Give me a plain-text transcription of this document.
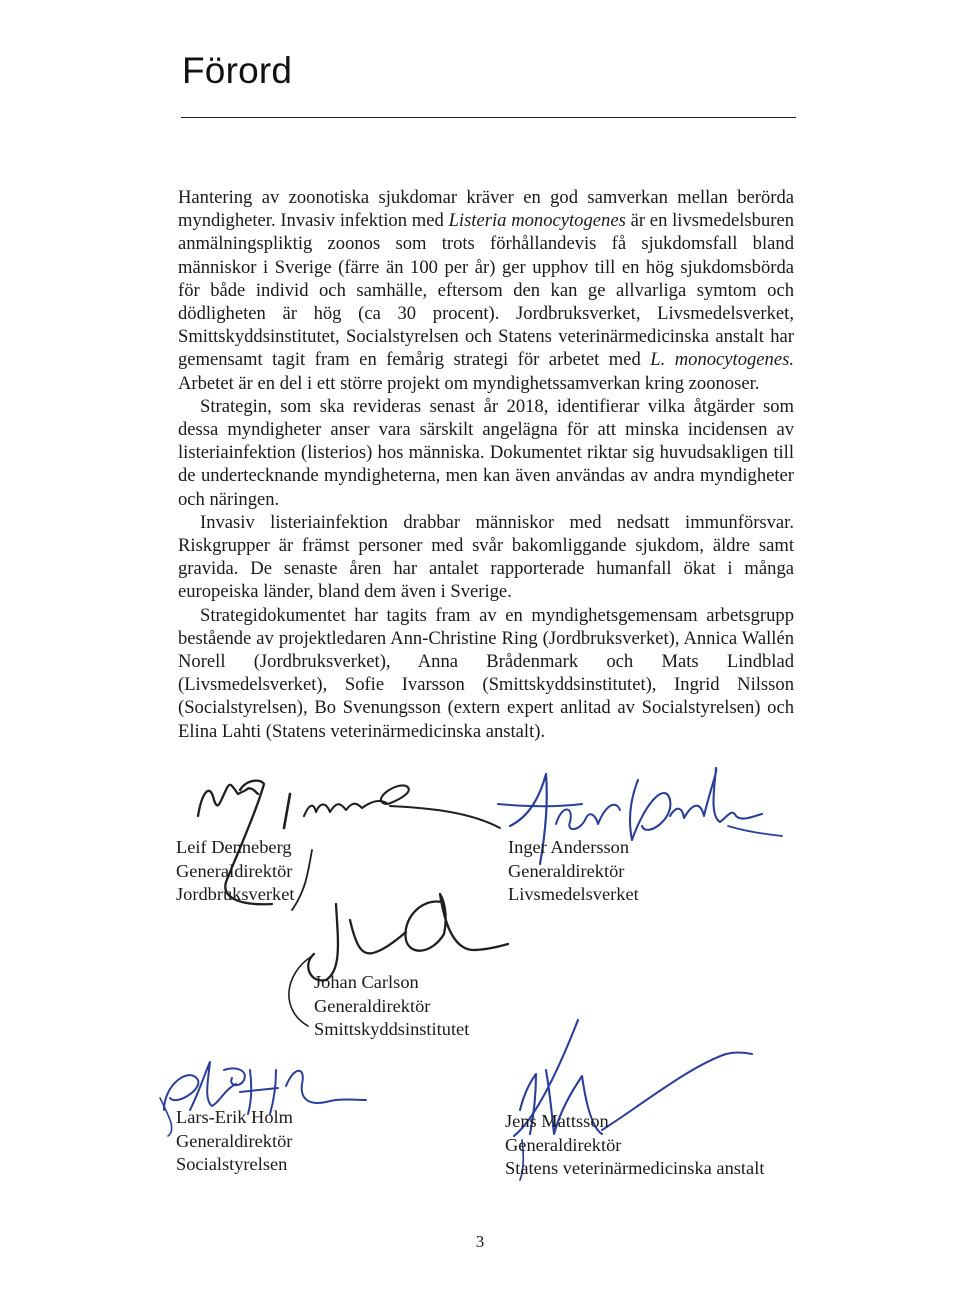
Förord

Hantering av zoonotiska sjukdomar kräver en god samverkan mellan berörda myndigheter. Invasiv infektion med Listeria monocytogenes är en livsmedelsburen anmälningspliktig zoonos som trots förhållandevis få sjukdomsfall bland människor i Sverige (färre än 100 per år) ger upphov till en hög sjukdomsbörda för både individ och samhälle, eftersom den kan ge allvarliga symtom och dödligheten är hög (ca 30 procent). Jordbruksverket, Livsmedelsverket, Smittskyddsinstitutet, Socialstyrelsen och Statens veterinärmedicinska anstalt har gemensamt tagit fram en femårig strategi för arbetet med L. monocytogenes. Arbetet är en del i ett större projekt om myndighetssamverkan kring zoonoser.

Strategin, som ska revideras senast år 2018, identifierar vilka åtgärder som dessa myndigheter anser vara särskilt angelägna för att minska incidensen av listeriainfektion (listerios) hos människa. Dokumentet riktar sig huvudsakligen till de undertecknande myndigheterna, men kan även användas av andra myndigheter och näringen.

Invasiv listeriainfektion drabbar människor med nedsatt immunförsvar. Riskgrupper är främst personer med svår bakomliggande sjukdom, äldre samt gravida. De senaste åren har antalet rapporterade humanfall ökat i många europeiska länder, bland dem även i Sverige.

Strategidokumentet har tagits fram av en myndighetsgemensam arbetsgrupp bestående av projektledaren Ann-Christine Ring (Jordbruksverket), Annica Wallén Norell (Jordbruksverket), Anna Brådenmark och Mats Lindblad (Livsmedelsverket), Sofie Ivarsson (Smittskyddsinstitutet), Ingrid Nilsson (Socialstyrelsen), Bo Svenungsson (extern expert anlitad av Socialstyrelsen) och Elina Lahti (Statens veterinärmedicinska anstalt).

Leif Denneberg
Generaldirektör
Jordbruksverket
Inger Andersson
Generaldirektör
Livsmedelsverket
Johan Carlson
Generaldirektör
Smittskyddsinstitutet
Lars-Erik Holm
Generaldirektör
Socialstyrelsen
Jens Mattsson
Generaldirektör
Statens veterinärmedicinska anstalt
3
